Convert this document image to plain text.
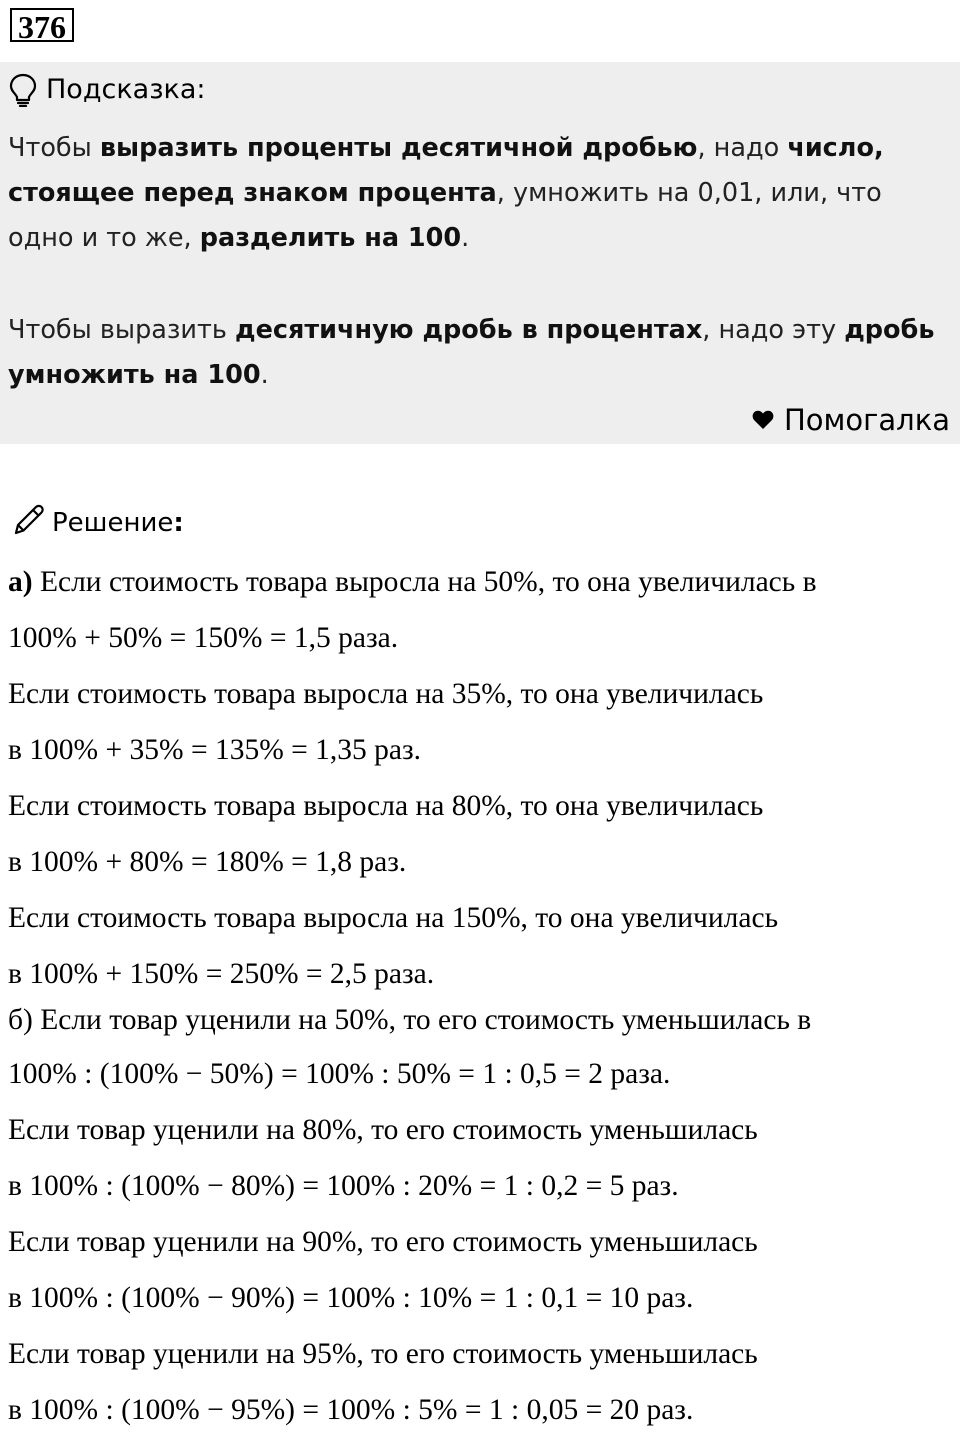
376
Подсказка:

Чтобы выразить проценты десятичной дробью, надо число, стоящее перед знаком процента, умножить на 0,01, или, что одно и то же, разделить на 100.

Чтобы выразить десятичную дробь в процентах, надо эту дробь умножить на 100.

Помогалка
Решение:

а) Если стоимость товара выросла на 50%, то она увеличилась в

100% + 50% = 150% = 1,5 раза.

Если стоимость товара выросла на 35%, то она увеличилась

в 100% + 35% = 135% = 1,35 раз.

Если стоимость товара выросла на 80%, то она увеличилась

в 100% + 80% = 180% = 1,8 раз.

Если стоимость товара выросла на 150%, то она увеличилась

в 100% + 150% = 250% = 2,5 раза.

б) Если товар уценили на 50%, то его стоимость уменьшилась в

100% : (100% − 50%) = 100% : 50% = 1 : 0,5 = 2 раза.

Если товар уценили на 80%, то его стоимость уменьшилась

в 100% : (100% − 80%) = 100% : 20% = 1 : 0,2 = 5 раз.

Если товар уценили на 90%, то его стоимость уменьшилась

в 100% : (100% − 90%) = 100% : 10% = 1 : 0,1 = 10 раз.

Если товар уценили на 95%, то его стоимость уменьшилась

в 100% : (100% − 95%) = 100% : 5% = 1 : 0,05 = 20 раз.
